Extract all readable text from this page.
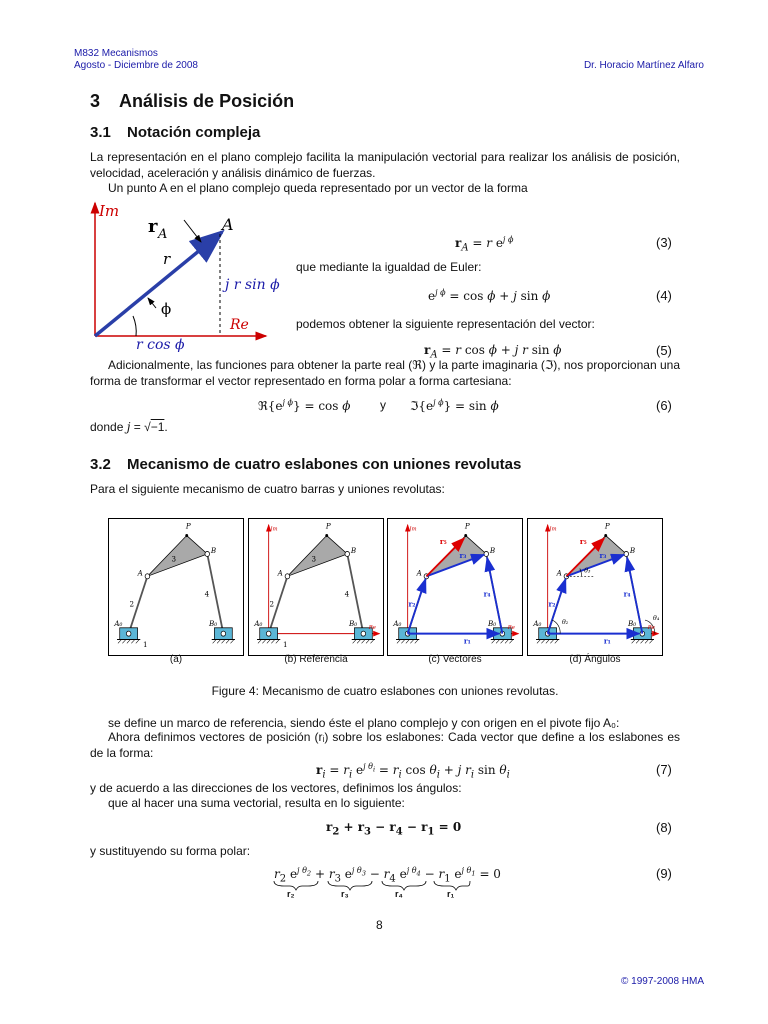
M832 Mecanismos
Agosto - Diciembre de 2008	Dr. Horacio Martínez Alfaro
3 Análisis de Posición
3.1 Notación compleja
La representación en el plano complejo facilita la manipulación vectorial para realizar los análisis de posición, velocidad, aceleración y análisis dinámico de fuerzas.
Un punto A en el plano complejo queda representado por un vector de la forma
Im
Re
r A
A
r
ϕ
j r sin ϕ
r cos ϕ
$r_A = r$ $e^{j \phi}$	(3)
que mediante la igualdad de Euler:
$e^{j \phi} = \cos \phi + j$ sin ϕ	(4)
podemos obtener la siguiente representación del vector:
$r_A = r$ cos ϕ + j r sin ϕ	(5)
Adicionalmente, las funciones para obtener la parte real (ℜ) y la parte imaginaria (ℑ), nos proporcionan una forma de transformar el vector representado en forma polar a forma cartesiana:
$ℜ\{e^{j \phi}\} = \cos \phi$ y $ℑ\{e^{j \phi}\} = \sin \phi$	(6)
donde j = √−1.
3.2 Mecanismo de cuatro eslabones con uniones revolutas
Para el siguiente mecanismo de cuatro barras y uniones revolutas:
P
B
A
3
2
4
A₀	B₀
1
Im
Re
P
B
A
3
2
4
A₀	B₀
1
Im
Re
P
B
A
r₅
r₃
r₂
r₄
r₁
A₀	B₀
Im
Re
P
B
A
r₅
r₃
r₂
r₄
r₁
θ₂
θ₃
θ₄
A₀	B₀
(a)	(b) Referencia	(c) Vectores	(d) Ángulos
Figure 4: Mecanismo de cuatro eslabones con uniones revolutas.
se define un marco de referencia, siendo éste el plano complejo y con origen en el pivote fijo A₀:
Ahora definimos vectores de posición (rᵢ) sobre los eslabones: Cada vector que define a los eslabones es de la forma:
$r_i = r_i$ $e^{j \theta_i} = r_i$ $\cos \theta_i + j$ $r_i$ $\sin \theta_i$	(7)
y de acuerdo a las direcciones de los vectores, definimos los ángulos:
que al hacer una suma vectorial, resulta en lo siguiente:
$r_2 + r_3 - r_4 - r_1 = 0$	(8)
y sustituyendo su forma polar:
$r_2$ $e^{j \theta_2} + r_3$ $e^{j \theta_3} - r_4$ $e^{j \theta_4} - r_1$ $e^{j \theta_1} = 0$
r₂	r₃	r₄	r₁
(9)
8
© 1997-2008 HMA
